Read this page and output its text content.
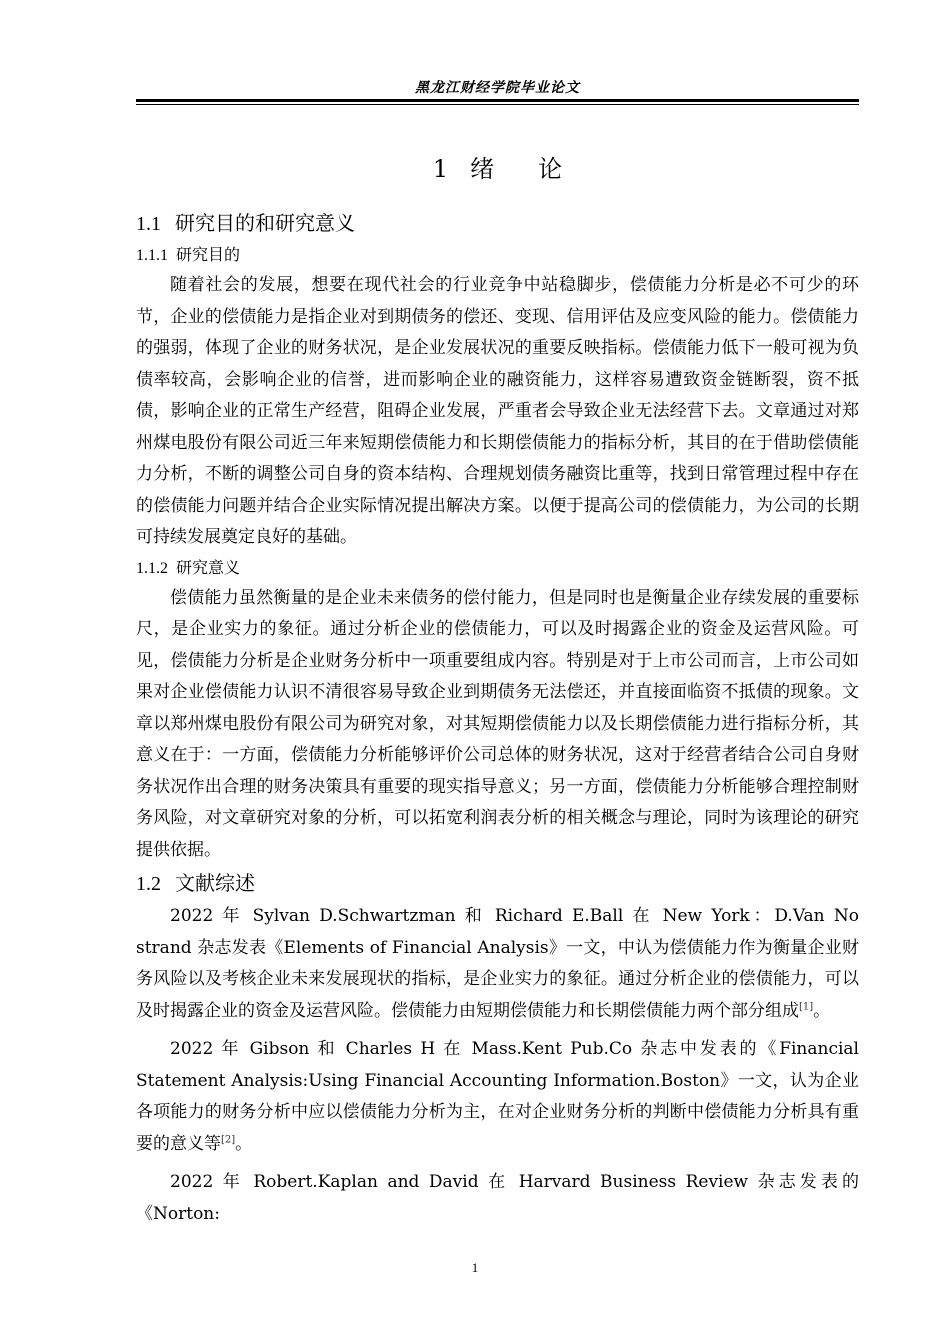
黑龙江财经学院毕业论文
1 绪 论
1.1 研究目的和研究意义
1.1.1 研究目的

随着社会的发展，想要在现代社会的行业竞争中站稳脚步，偿债能力分析是必不可少的环节，企业的偿债能力是指企业对到期债务的偿还、变现、信用评估及应变风险的能力。偿债能力的强弱，体现了企业的财务状况，是企业发展状况的重要反映指标。偿债能力低下一般可视为负债率较高，会影响企业的信誉，进而影响企业的融资能力，这样容易遭致资金链断裂，资不抵债，影响企业的正常生产经营，阻碍企业发展，严重者会导致企业无法经营下去。文章通过对郑州煤电股份有限公司近三年来短期偿债能力和长期偿债能力的指标分析，其目的在于借助偿债能力分析，不断的调整公司自身的资本结构、合理规划债务融资比重等，找到日常管理过程中存在的偿债能力问题并结合企业实际情况提出解决方案。以便于提高公司的偿债能力，为公司的长期可持续发展奠定良好的基础。

1.1.2 研究意义

偿债能力虽然衡量的是企业未来债务的偿付能力，但是同时也是衡量企业存续发展的重要标尺，是企业实力的象征。通过分析企业的偿债能力，可以及时揭露企业的资金及运营风险。可见，偿债能力分析是企业财务分析中一项重要组成内容。特别是对于上市公司而言，上市公司如果对企业偿债能力认识不清很容易导致企业到期债务无法偿还，并直接面临资不抵债的现象。文章以郑州煤电股份有限公司为研究对象，对其短期偿债能力以及长期偿债能力进行指标分析，其意义在于：一方面，偿债能力分析能够评价公司总体的财务状况，这对于经营者结合公司自身财务状况作出合理的财务决策具有重要的现实指导意义；另一方面，偿债能力分析能够合理控制财务风险，对文章研究对象的分析，可以拓宽利润表分析的相关概念与理论，同时为该理论的研究提供依据。

1.2 文献综述

2022 年 Sylvan D.Schwartzman 和 Richard E.Ball 在 New York：D.Van No strand 杂志发表《Elements of Financial Analysis》一文，中认为偿债能力作为衡量企业财务风险以及考核企业未来发展现状的指标，是企业实力的象征。通过分析企业的偿债能力，可以及时揭露企业的资金及运营风险。偿债能力由短期偿债能力和长期偿债能力两个部分组成[1]。

2022 年 Gibson 和 Charles H 在 Mass.Kent Pub.Co 杂志中发表的《Financial Statement Analysis:Using Financial Accounting Information.Boston》一文，认为企业各项能力的财务分析中应以偿债能力分析为主，在对企业财务分析的判断中偿债能力分析具有重要的意义等[2]。

2022 年 Robert.Kaplan and David 在 Harvard Business Review 杂志发表的《Norton:

1
